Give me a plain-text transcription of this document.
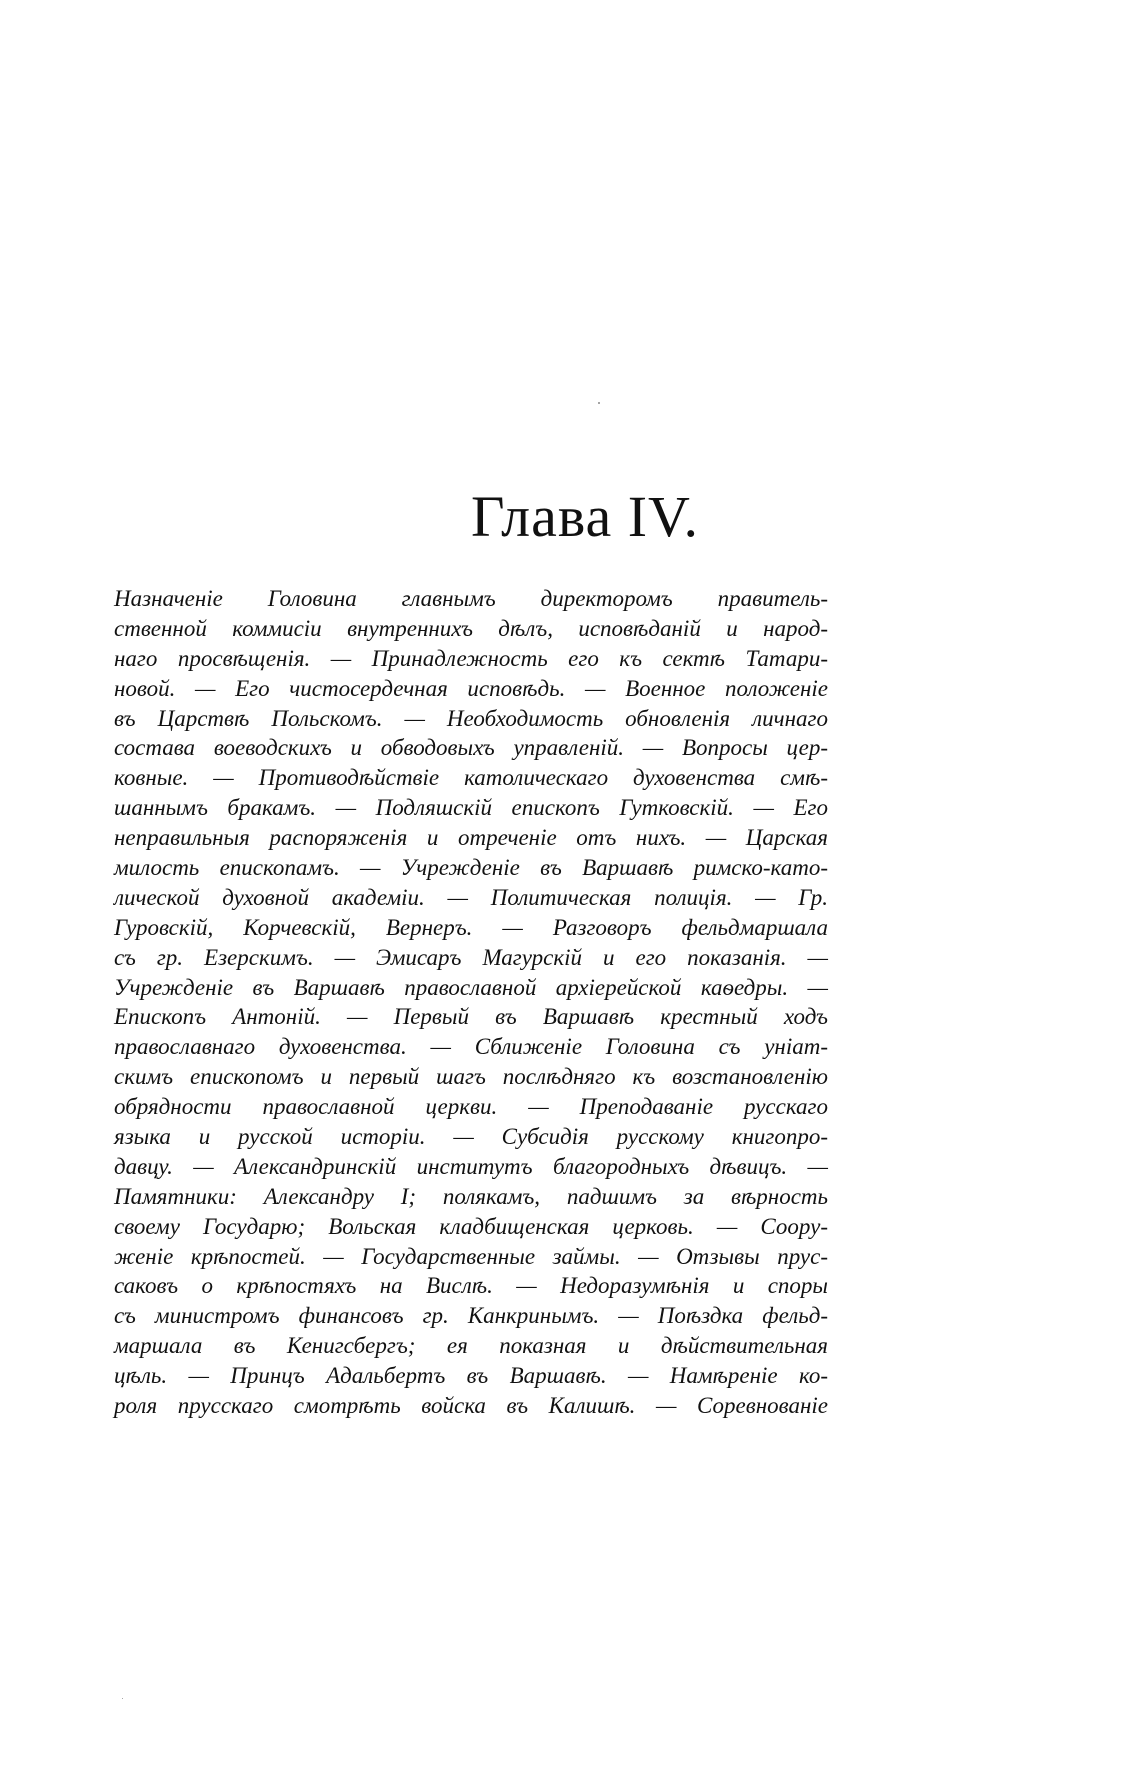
Глава IV.
Назначенiе Головина главнымъ директоромъ правитель-
ственной коммисiи внутреннихъ дѣлъ, исповѣданiй и народ-
наго просвѣщенiя. — Принадлежность его къ сектѣ Татари-
новой. — Его чистосердечная исповѣдь. — Военное положенiе
въ Царствѣ Польскомъ. — Необходимость обновленiя личнаго
состава воеводскихъ и обводовыхъ управленiй. — Вопросы цер-
ковные. — Противодѣйствiе католическаго духовенства смѣ-
шаннымъ бракамъ. — Подляшскiй епископъ Гутковскiй. — Его
неправильныя распоряженiя и отреченiе отъ нихъ. — Царская
милость епископамъ. — Учрежденiе въ Варшавѣ римско-като-
лической духовной академiи. — Политическая полицiя. — Гр.
Гуровскiй, Корчевскiй, Вернеръ. — Разговоръ фельдмаршала
съ гр. Езерскимъ. — Эмисаръ Магурскiй и его показанiя. —
Учрежденiе въ Варшавѣ православной архiерейской каѳедры. —
Епископъ Антонiй. — Первый въ Варшавѣ крестный ходъ
православнаго духовенства. — Сближенiе Головина съ унiат-
скимъ епископомъ и первый шагъ послѣдняго къ возстановленiю
обрядности православной церкви. — Преподаванiе русскаго
языка и русской исторiи. — Субсидiя русскому книгопро-
давцу. — Александринскiй институтъ благородныхъ дѣвицъ. —
Памятники: Александру I; полякамъ, падшимъ за вѣрность
своему Государю; Вольская кладбищенская церковь. — Соору-
женiе крѣпостей. — Государственные займы. — Отзывы прус-
саковъ о крѣпостяхъ на Вислѣ. — Недоразумѣнiя и споры
съ министромъ финансовъ гр. Канкринымъ. — Поѣздка фельд-
маршала въ Кенигсбергъ; ея показная и дѣйствительная
цѣль. — Принцъ Адальбертъ въ Варшавѣ. — Намѣренiе ко-
роля прусскаго смотрѣть войска въ Калишѣ. — Соревнованiе
